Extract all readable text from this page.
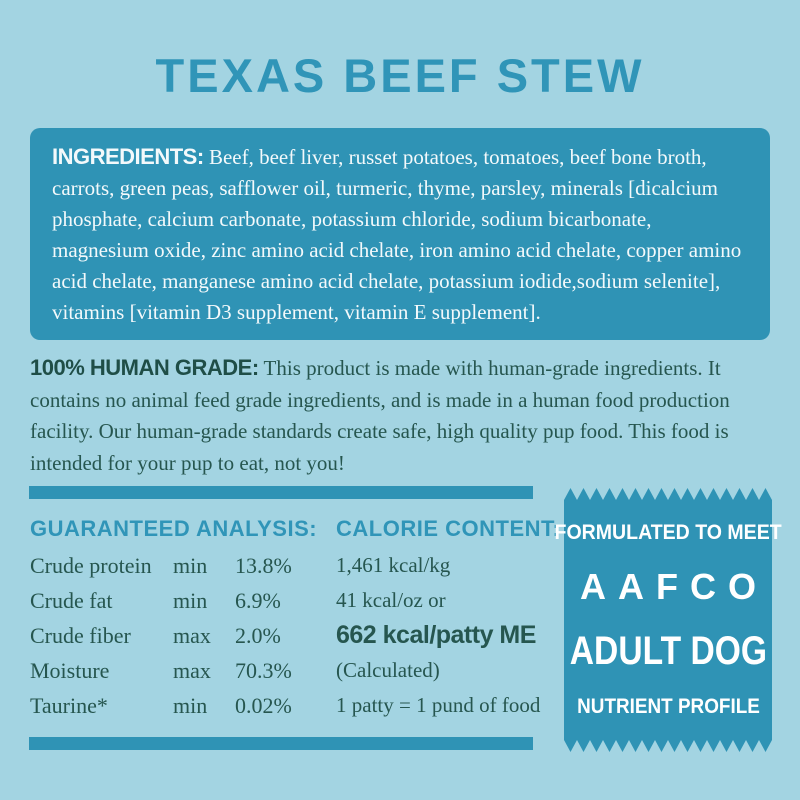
TEXAS BEEF STEW
INGREDIENTS: Beef, beef liver, russet potatoes, tomatoes, beef bone broth, carrots, green peas, safflower oil, turmeric, thyme, parsley, minerals [dicalcium phosphate, calcium carbonate, potassium chloride, sodium bicarbonate, magnesium oxide, zinc amino acid chelate, iron amino acid chelate, copper amino acid chelate, manganese amino acid chelate, potassium iodide,sodium selenite], vitamins [vitamin D3 supplement, vitamin E supplement].
100% HUMAN GRADE: This product is made with human-grade ingredients. It contains no animal feed grade ingredients, and is made in a human food production facility. Our human-grade standards create safe, high quality pup food. This food is intended for your pup to eat, not you!
GUARANTEED ANALYSIS: CALORIE CONTENT:
Crude protein min	13.8%
Crude fat	min	6.9%
Crude fiber	max	2.0%
Moisture	max	70.3%
Taurine*	min	0.02%
1,461 kcal/kg
41 kcal/oz or
662 kcal/patty ME
(Calculated)
1 patty = 1 pund of food
FORMULATED TO MEET
AAFCO
ADULT DOG
NUTRIENT PROFILE
